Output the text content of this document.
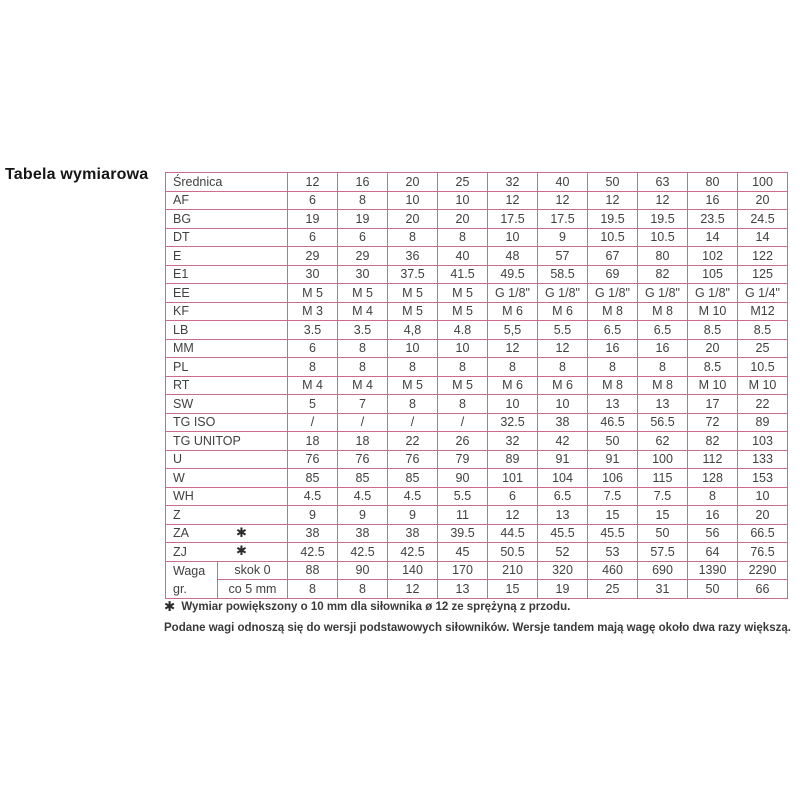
Tabela wymiarowa Średnica		12	16	20	25	32	40	50	63	80	100
AF		6	8	10	10	12	12	12	12	16	20
BG		19	19	20	20	17.5	17.5	19.5	19.5	23.5	24.5
DT		6	6	8	8	10	9	10.5	10.5	14	14
E		29	29	36	40	48	57	67	80	102	122
E1		30	30	37.5	41.5	49.5	58.5	69	82	105	125
EE		M 5	M 5	M 5	M 5	G 1/8"	G 1/8"	G 1/8"	G 1/8"	G 1/8"	G 1/4"
KF		M 3	M 4	M 5	M 5	M 6	M 6	M 8	M 8	M 10	M12
LB		3.5	3.5	4,8	4.8	5,5	5.5	6.5	6.5	8.5	8.5
MM		6	8	10	10	12	12	16	16	20	25
PL		8	8	8	8	8	8	8	8	8.5	10.5
RT		M 4	M 4	M 5	M 5	M 6	M 6	M 8	M 8	M 10	M 10
SW		5	7	8	8	10	10	13	13	17	22
TG ISO		/	/	/	/	32.5	38	46.5	56.5	72	89
TG UNITOP		18	18	22	26	32	42	50	62	82	103
U		76	76	76	79	89	91	91	100	112	133
W		85	85	85	90	101	104	106	115	128	153
WH		4.5	4.5	4.5	5.5	6	6.5	7.5	7.5	8	10
Z		9	9	9	11	12	13	15	15	16	20
ZA ✱		38	38	38	39.5	44.5	45.5	45.5	50	56	66.5
ZJ ✱		42.5	42.5	42.5	45	50.5	52	53	57.5	64	76.5

Waga
gr.	skok 0	88	90	140	170	210	320	460	690	1390	2290
	co 5 mm	8	8	12	13	15	19	25	31	50	66
✱ Wymiar powiększony o 10 mm dla siłownika ø 12 ze sprężyną z przodu.
Podane wagi odnoszą się do wersji podstawowych siłowników. Wersje tandem mają wagę około dwa razy większą.
